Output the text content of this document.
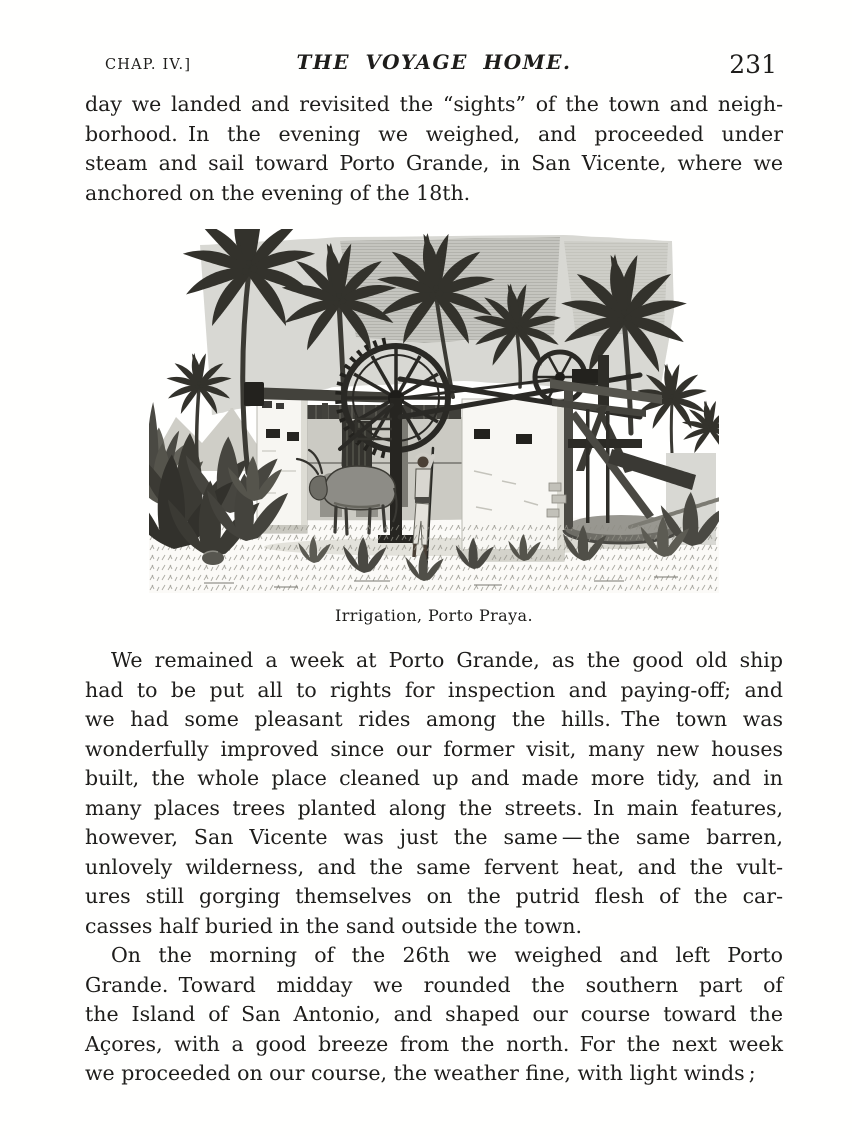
CHAP. IV.]	THE VOYAGE HOME.	231
day we landed and revisited the “sights” of the town and neigh-
borhood. In the evening we weighed, and proceeded under
steam and sail toward Porto Grande, in San Vicente, where we
anchored on the evening of the 18th.
Irrigation, Porto Praya.
We remained a week at Porto Grande, as the good old ship
had to be put all to rights for inspection and paying-off; and
we had some pleasant rides among the hills. The town was
wonderfully improved since our former visit, many new houses
built, the whole place cleaned up and made more tidy, and in
many places trees planted along the streets. In main features,
however, San Vicente was just the same — the same barren,
unlovely wilderness, and the same fervent heat, and the vult-
ures still gorging themselves on the putrid flesh of the car-
casses half buried in the sand outside the town.
On the morning of the 26th we weighed and left Porto
Grande. Toward midday we rounded the southern part of
the Island of San Antonio, and shaped our course toward the
Açores, with a good breeze from the north. For the next week
we proceeded on our course, the weather fine, with light winds ;
